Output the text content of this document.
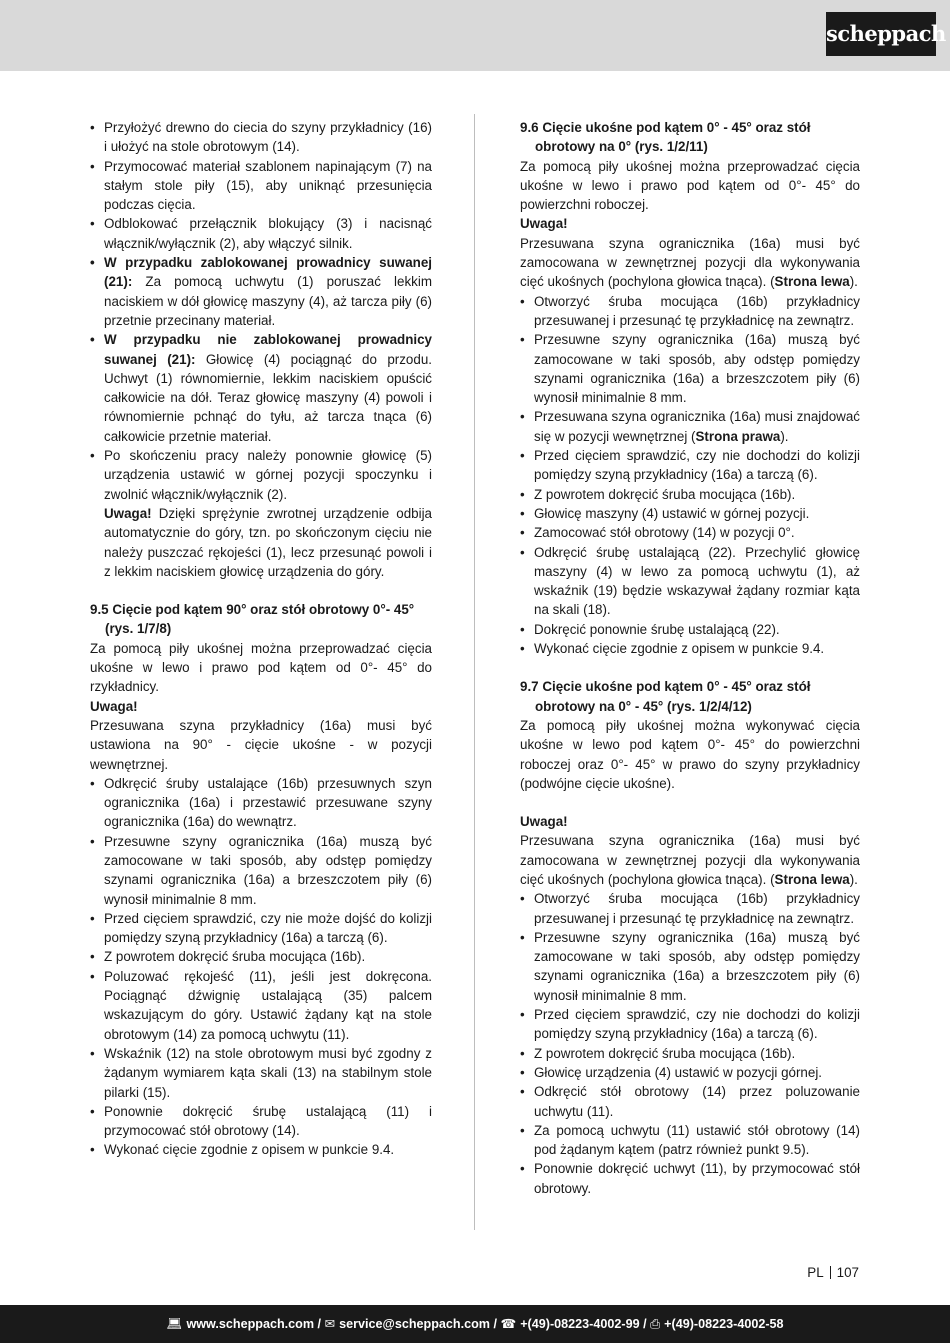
scheppach
• Przyłożyć drewno do ciecia do szyny przykładnicy (16) i ułożyć na stole obrotowym (14).
• Przymocować materiał szablonem napinającym (7) na stałym stole piły (15), aby uniknąć przesunięcia podczas cięcia.
• Odblokować przełącznik blokujący (3) i nacisnąć włącznik/wyłącznik (2), aby włączyć silnik.
• W przypadku zablokowanej prowadnicy suwanej (21): Za pomocą uchwytu (1) poruszać lekkim naciskiem w dół głowicę maszyny (4), aż tarcza piły (6) przetnie przecinany materiał.
• W przypadku nie zablokowanej prowadnicy suwanej (21): Głowicę (4) pociągnąć do przodu. Uchwyt (1) równomiernie, lekkim naciskiem opuścić całkowicie na dół. Teraz głowicę maszyny (4) powoli i równomiernie pchnąć do tyłu, aż tarcza tnąca (6) całkowicie przetnie materiał.
• Po skończeniu pracy należy ponownie głowicę (5) urządzenia ustawić w górnej pozycji spoczynku i zwolnić włącznik/wyłącznik (2).

Uwaga! Dzięki sprężynie zwrotnej urządzenie odbija automatycznie do góry, tzn. po skończonym cięciu nie należy puszczać rękojeści (1), lecz przesunąć powoli i z lekkim naciskiem głowicę urządzenia do góry.

9.5 Cięcie pod kątem 90° oraz stół obrotowy 0°- 45° (rys. 1/7/8)

Za pomocą piły ukośnej można przeprowadzać cięcia ukośne w lewo i prawo pod kątem od 0°- 45° do rzykładnicy.

Uwaga!

Przesuwana szyna przykładnicy (16a) musi być ustawiona na 90° - cięcie ukośne - w pozycji wewnętrznej.

• Odkręcić śruby ustalające (16b) przesuwnych szyn ogranicznika (16a) i przestawić przesuwane szyny ogranicznika (16a) do wewnątrz.
• Przesuwne szyny ogranicznika (16a) muszą być zamocowane w taki sposób, aby odstęp pomiędzy szynami ogranicznika (16a) a brzeszczotem piły (6) wynosił minimalnie 8 mm.
• Przed cięciem sprawdzić, czy nie może dojść do kolizji pomiędzy szyną przykładnicy (16a) a tarczą (6).
• Z powrotem dokręcić śruba mocująca (16b).
• Poluzować rękojeść (11), jeśli jest dokręcona. Pociągnąć dźwignię ustalającą (35) palcem wskazującym do góry. Ustawić żądany kąt na stole obrotowym (14) za pomocą uchwytu (11).
• Wskaźnik (12) na stole obrotowym musi być zgodny z żądanym wymiarem kąta skali (13) na stabilnym stole pilarki (15).
• Ponownie dokręcić śrubę ustalającą (11) i przymocować stół obrotowy (14).
• Wykonać cięcie zgodnie z opisem w punkcie 9.4.
9.6 Cięcie ukośne pod kątem 0° - 45° oraz stół obrotowy na 0° (rys. 1/2/11)

Za pomocą piły ukośnej można przeprowadzać cięcia ukośne w lewo i prawo pod kątem od 0°- 45° do powierzchni roboczej.

Uwaga!

Przesuwana szyna ogranicznika (16a) musi być zamocowana w zewnętrznej pozycji dla wykonywania cięć ukośnych (pochylona głowica tnąca). (Strona lewa).

• Otworzyć śruba mocująca (16b) przykładnicy przesuwanej i przesunąć tę przykładnicę na zewnątrz.
• Przesuwne szyny ogranicznika (16a) muszą być zamocowane w taki sposób, aby odstęp pomiędzy szynami ogranicznika (16a) a brzeszczotem piły (6) wynosił minimalnie 8 mm.
• Przesuwana szyna ogranicznika (16a) musi znajdować się w pozycji wewnętrznej (Strona prawa).
• Przed cięciem sprawdzić, czy nie dochodzi do kolizji pomiędzy szyną przykładnicy (16a) a tarczą (6).
• Z powrotem dokręcić śruba mocująca (16b).
• Głowicę maszyny (4) ustawić w górnej pozycji.
• Zamocować stół obrotowy (14) w pozycji 0°.
• Odkręcić śrubę ustalającą (22). Przechylić głowicę maszyny (4) w lewo za pomocą uchwytu (1), aż wskaźnik (19) będzie wskazywał żądany rozmiar kąta na skali (18).
• Dokręcić ponownie śrubę ustalającą (22).
• Wykonać cięcie zgodnie z opisem w punkcie 9.4.
9.7 Cięcie ukośne pod kątem 0° - 45° oraz stół obrotowy na 0° - 45° (rys. 1/2/4/12)

Za pomocą piły ukośnej można wykonywać cięcia ukośne w lewo pod kątem 0°- 45° do powierzchni roboczej oraz 0°- 45° w prawo do szyny przykładnicy (podwójne cięcie ukośne).

Uwaga!

Przesuwana szyna ogranicznika (16a) musi być zamocowana w zewnętrznej pozycji dla wykonywania cięć ukośnych (pochylona głowica tnąca). (Strona lewa).

• Otworzyć śruba mocująca (16b) przykładnicy przesuwanej i przesunąć tę przykładnicę na zewnątrz.
• Przesuwne szyny ogranicznika (16a) muszą być zamocowane w taki sposób, aby odstęp pomiędzy szynami ogranicznika (16a) a brzeszczotem piły (6) wynosił minimalnie 8 mm.
• Przed cięciem sprawdzić, czy nie dochodzi do kolizji pomiędzy szyną przykładnicy (16a) a tarczą (6).
• Z powrotem dokręcić śruba mocująca (16b).
• Głowicę urządzenia (4) ustawić w pozycji górnej.
• Odkręcić stół obrotowy (14) przez poluzowanie uchwytu (11).
• Za pomocą uchwytu (11) ustawić stół obrotowy (14) pod żądanym kątem (patrz również punkt 9.5).
• Ponownie dokręcić uchwyt (11), by przymocować stół obrotowy.
PL 107
💻︎ www.scheppach.com / ✉ service@scheppach.com / ☎ +(49)-08223-4002-99 / ⎙ +(49)-08223-4002-58
